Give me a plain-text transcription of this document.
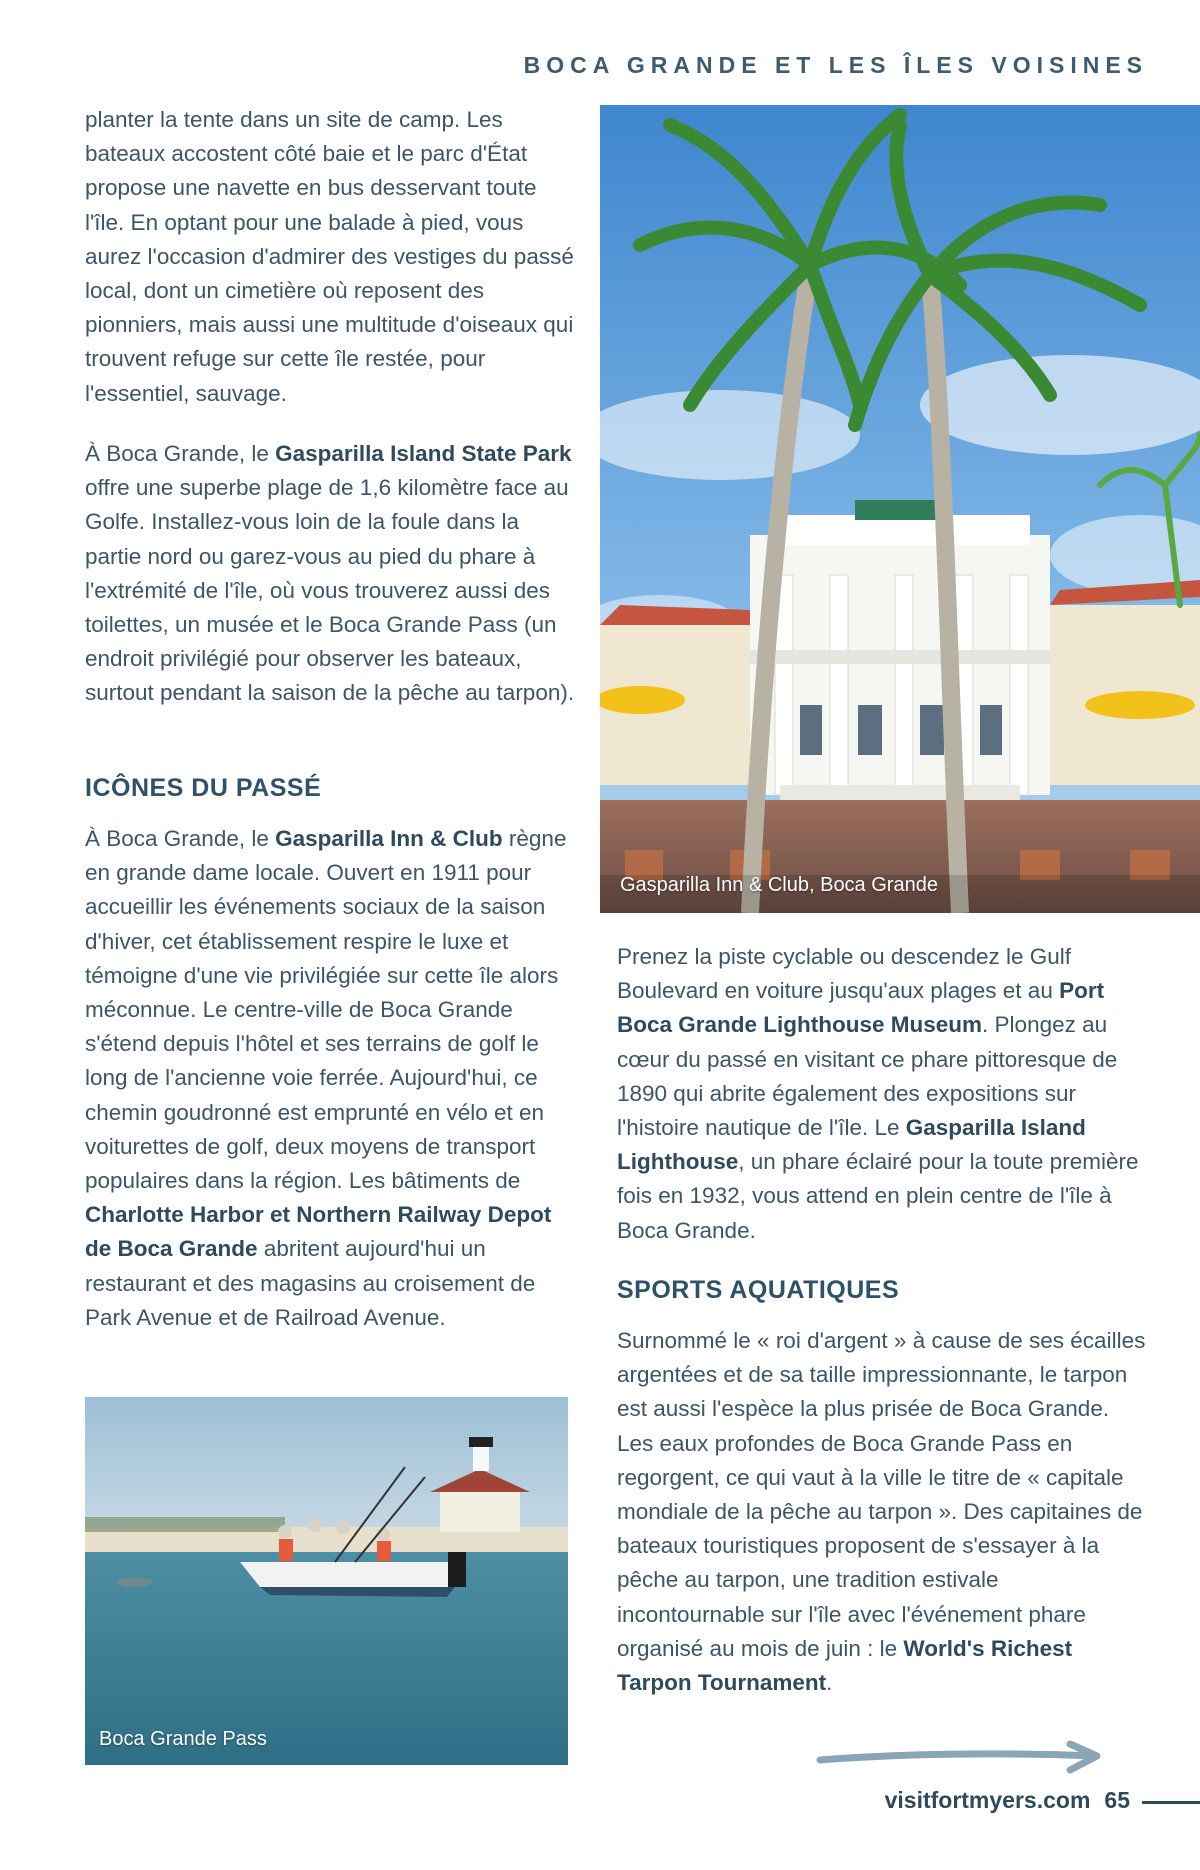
BOCA GRANDE ET LES ÎLES VOISINES
Gasparilla Inn & Club, Boca Grande

planter la tente dans un site de camp. Les bateaux accostent côté baie et le parc d'État propose une navette en bus desservant toute l'île. En optant pour une balade à pied, vous aurez l'occasion d'admirer des vestiges du passé local, dont un cimetière où reposent des pionniers, mais aussi une multitude d'oiseaux qui trouvent refuge sur cette île restée, pour l'essentiel, sauvage.

À Boca Grande, le Gasparilla Island State Park offre une superbe plage de 1,6 kilomètre face au Golfe. Installez-vous loin de la foule dans la partie nord ou garez-vous au pied du phare à l'extrémité de l'île, où vous trouverez aussi des toilettes, un musée et le Boca Grande Pass (un endroit privilégié pour observer les bateaux, surtout pendant la saison de la pêche au tarpon).

ICÔNES DU PASSÉ

À Boca Grande, le Gasparilla Inn & Club règne en grande dame locale. Ouvert en 1911 pour accueillir les événements sociaux de la saison d'hiver, cet établissement respire le luxe et témoigne d'une vie privilégiée sur cette île alors méconnue. Le centre-ville de Boca Grande s'étend depuis l'hôtel et ses terrains de golf le long de l'ancienne voie ferrée. Aujourd'hui, ce chemin goudronné est emprunté en vélo et en voiturettes de golf, deux moyens de transport populaires dans la région. Les bâtiments de Charlotte Harbor et Northern Railway Depot de Boca Grande abritent aujourd'hui un restaurant et des magasins au croisement de Park Avenue et de Railroad Avenue.

Boca Grande Pass

Prenez la piste cyclable ou descendez le Gulf Boulevard en voiture jusqu'aux plages et au Port Boca Grande Lighthouse Museum. Plongez au cœur du passé en visitant ce phare pittoresque de 1890 qui abrite également des expositions sur l'histoire nautique de l'île. Le Gasparilla Island Lighthouse, un phare éclairé pour la toute première fois en 1932, vous attend en plein centre de l'île à Boca Grande.

SPORTS AQUATIQUES

Surnommé le « roi d'argent » à cause de ses écailles argentées et de sa taille impressionnante, le tarpon est aussi l'espèce la plus prisée de Boca Grande. Les eaux profondes de Boca Grande Pass en regorgent, ce qui vaut à la ville le titre de « capitale mondiale de la pêche au tarpon ». Des capitaines de bateaux touristiques proposent de s'essayer à la pêche au tarpon, une tradition estivale incontournable sur l'île avec l'événement phare organisé au mois de juin : le World's Richest Tarpon Tournament.

visitfortmyers.com 65
